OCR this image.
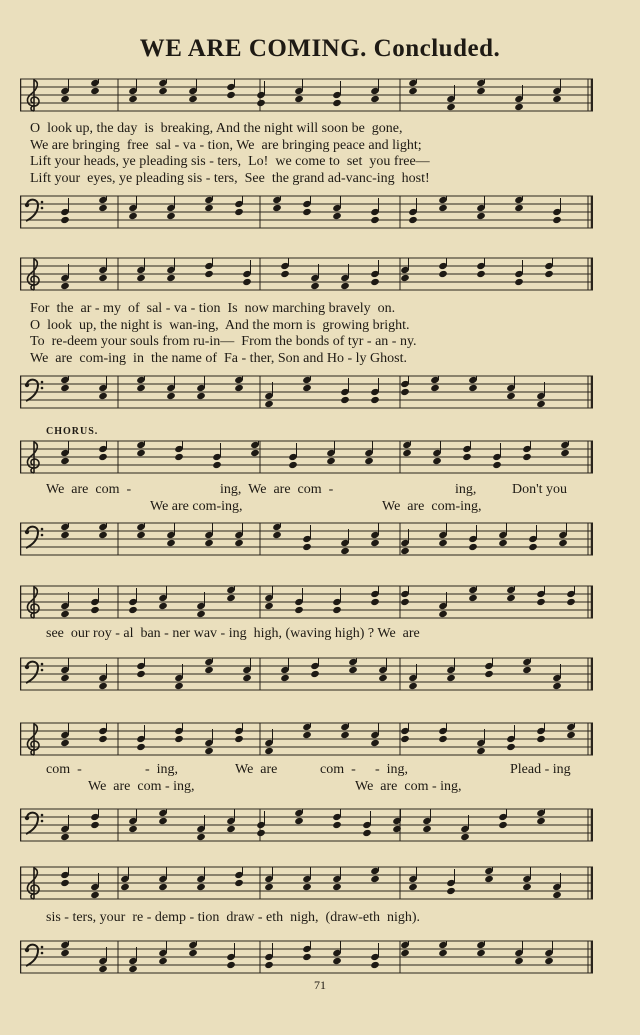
WE ARE COMING. Concluded.
O  look up, the day  is  breaking, And the night will soon be  gone,
We are bringing  free  sal - va - tion, We  are bringing peace and light;
Lift your heads, ye pleading sis - ters,  Lo!  we come to  set  you free—
Lift your  eyes, ye pleading sis - ters,  See  the grand ad-vanc-ing  host!
For  the  ar - my  of  sal - va - tion  Is  now marching bravely  on.
O  look  up, the night is  wan-ing,  And the morn is  growing bright.
To  re-deem your souls from ru-in—  From the bonds of tyr - an - ny.
We  are  com-ing  in  the name of  Fa - ther, Son and Ho - ly Ghost.
CHORUS.
We  are  com  -	ing,  We  are  com  -	ing,	Don't you
We are com-ing,	We  are  com-ing,
see  our roy - al  ban - ner wav - ing  high, (waving high) ? We  are
com  -	-  ing,	We  are	com  - -  ing,	Plead - ing
We  are  com - ing,	We  are  com - ing,
sis - ters, your  re - demp - tion  draw - eth  nigh,  (draw-eth  nigh).
71
